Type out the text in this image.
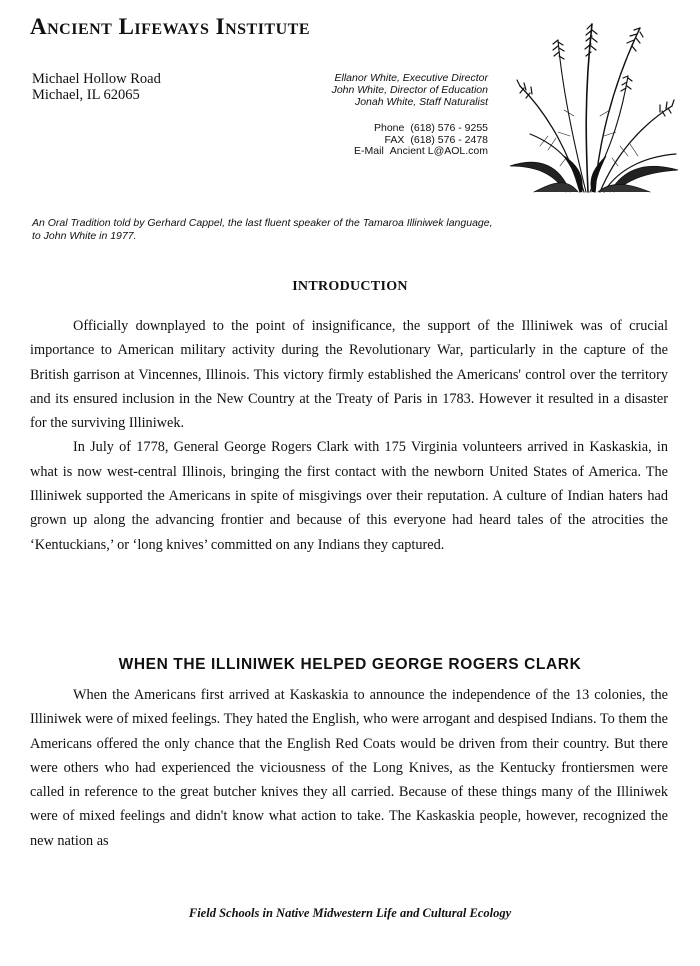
Ancient Lifeways Institute
Michael Hollow Road
Michael, IL 62065
Ellanor White, Executive Director
John White, Director of Education
Jonah White, Staff Naturalist
Phone (618) 576 - 9255
FAX (618) 576 - 2478
E-Mail Ancient L@AOL.com
An Oral Tradition told by Gerhard Cappel, the last fluent speaker of the Tamaroa Illiniwek language,
to John White in 1977.
INTRODUCTION

Officially downplayed to the point of insignificance, the support of the Illiniwek was of crucial importance to American military activity during the Revolutionary War, particularly in the capture of the British garrison at Vincennes, Illinois. This victory firmly established the Americans' control over the territory and its ensured inclusion in the New Country at the Treaty of Paris in 1783. However it resulted in a disaster for the surviving Illiniwek.

In July of 1778, General George Rogers Clark with 175 Virginia volunteers arrived in Kaskaskia, in what is now west-central Illinois, bringing the first contact with the newborn United States of America. The Illiniwek supported the Americans in spite of misgivings over their reputation. A culture of Indian haters had grown up along the advancing frontier and because of this everyone had heard tales of the atrocities the ‘Kentuckians,’ or ‘long knives’ committed on any Indians they captured.

WHEN THE ILLINIWEK HELPED GEORGE ROGERS CLARK

When the Americans first arrived at Kaskaskia to announce the independence of the 13 colonies, the Illiniwek were of mixed feelings. They hated the English, who were arrogant and despised Indians. To them the Americans offered the only chance that the English Red Coats would be driven from their country. But there were others who had experienced the viciousness of the Long Knives, as the Kentucky frontiersmen were called in reference to the great butcher knives they all carried. Because of these things many of the Illiniwek were of mixed feelings and didn't know what action to take. The Kaskaskia people, however, recognized the new nation as

Field Schools in Native Midwestern Life and Cultural Ecology
